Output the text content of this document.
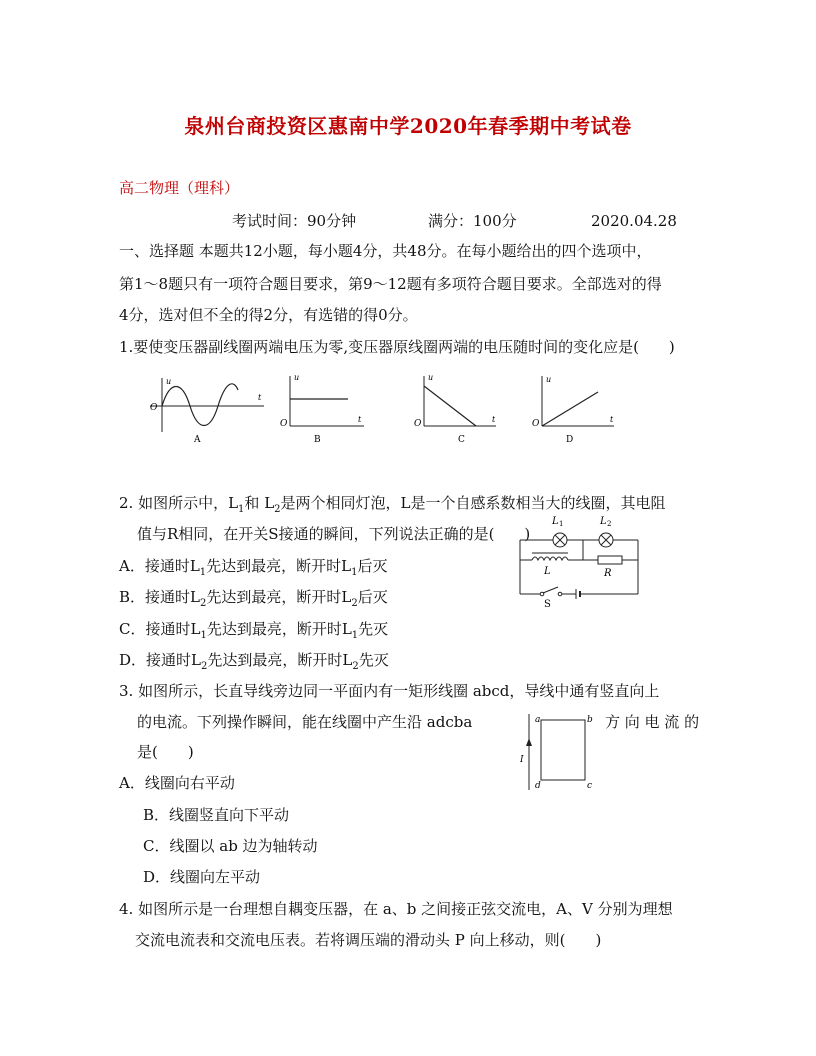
泉州台商投资区惠南中学2020年春季期中考试卷
高二物理（理科）
考试时间：90分钟	满分：100分	2020.04.28
一、选择题 本题共12小题，每小题4分，共48分。在每小题给出的四个选项中，
第1～8题只有一项符合题目要求，第9～12题有多项符合题目要求。全部选对的得
4分，选对但不全的得2分，有选错的得0分。
1.要使变压器副线圈两端电压为零,变压器原线圈两端的电压随时间的变化应是(　　)
u
t
O
A
u
t
O
B
u
t
O
C
u
t
O
D
2. 如图所示中，$L_1$和 $L_2$是两个相同灯泡，L是一个自感系数相当大的线圈，其电阻
值与R相同，在开关S接通的瞬间，下列说法正确的是(　　)
A．接通时$L_1$先达到最亮，断开时$L_1$后灭
B．接通时$L_2$先达到最亮，断开时$L_2$后灭
C．接通时$L_1$先达到最亮，断开时$L_1$先灭
D．接通时$L_2$先达到最亮，断开时$L_2$先灭
L 1	L 2
L	R
S
3. 如图所示，长直导线旁边同一平面内有一矩形线圈 abcd，导线中通有竖直向上
的电流。下列操作瞬间，能在线圈中产生沿 adcba	方 向 电 流 的
是(　　)	I
a	b
c
d
A．线圈向右平动
B．线圈竖直向下平动
C．线圈以 ab 边为轴转动
D．线圈向左平动
4. 如图所示是一台理想自耦变压器，在 a、b 之间接正弦交流电，A、V 分别为理想
交流电流表和交流电压表。若将调压端的滑动头 P 向上移动，则(　　)
